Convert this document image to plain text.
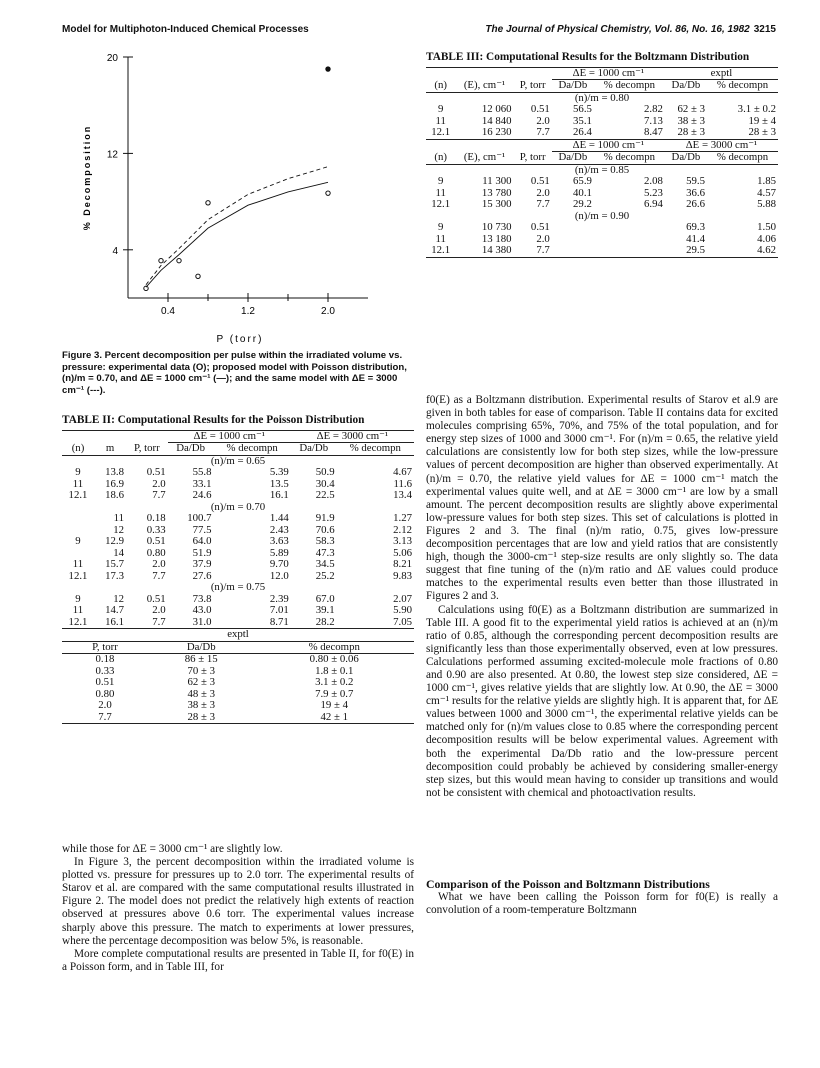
Model for Multiphoton-Induced Chemical Processes	The Journal of Physical Chemistry, Vol. 86, No. 16, 1982 3215
20
12
4
0.4	1.2	2.0
% Decomposition
P (torr)
Figure 3. Percent decomposition per pulse within the irradiated volume vs. pressure: experimental data (O); proposed model with Poisson distribution, (n)/m = 0.70, and ΔE = 1000 cm⁻¹ (—); and the same model with ΔE = 3000 cm⁻¹ (---).
TABLE II: Computational Results for the Poisson Distribution
			ΔE = 1000 cm⁻¹		ΔE = 3000 cm⁻¹	
(n)	m	P, torr	Da/Db	% decompn	Da/Db	% decompn
(n)/m = 0.65						
9	13.8	0.51	55.8	5.39	50.9	4.67
11	16.9	2.0	33.1	13.5	30.4	11.6
12.1	18.6	7.7	24.6	16.1	22.5	13.4
(n)/m = 0.70						
	11	0.18	100.7	1.44	91.9	1.27
	12	0.33	77.5	2.43	70.6	2.12
9	12.9	0.51	64.0	3.63	58.3	3.13
	14	0.80	51.9	5.89	47.3	5.06
11	15.7	2.0	37.9	9.70	34.5	8.21
12.1	17.3	7.7	27.6	12.0	25.2	9.83
(n)/m = 0.75						
9	12	0.51	73.8	2.39	67.0	2.07
11	14.7	2.0	43.0	7.01	39.1	5.90
12.1	16.1	7.7	31.0	8.71	28.2	7.05
exptl		
P, torr	Da/Db	% decompn
0.18	86 ± 15	0.80 ± 0.06
0.33	70 ± 3	1.8 ± 0.1
0.51	62 ± 3	3.1 ± 0.2
0.80	48 ± 3	7.9 ± 0.7
2.0	38 ± 3	19 ± 4
7.7	28 ± 3	42 ± 1

while those for ΔE = 3000 cm⁻¹ are slightly low.

In Figure 3, the percent decomposition within the irradiated volume is plotted vs. pressure for pressures up to 2.0 torr. The experimental results of Starov et al. are compared with the same computational results illustrated in Figure 2. The model does not predict the relatively high extents of reaction observed at pressures above 0.6 torr. The experimental values increase sharply above this pressure. The match to experiments at lower pressures, where the percentage decomposition was below 5%, is reasonable.

More complete computational results are presented in Table II, for f0(E) in a Poisson form, and in Table III, for

TABLE III: Computational Results for the Boltzmann Distribution
			ΔE = 1000 cm⁻¹		exptl	
(n)	(E), cm⁻¹	P, torr	Da/Db	% decompn	Da/Db	% decompn
(n)/m = 0.80						
9	12 060	0.51	56.5	2.82	62 ± 3	3.1 ± 0.2
11	14 840	2.0	35.1	7.13	38 ± 3	19 ± 4
12.1	16 230	7.7	26.4	8.47	28 ± 3	28 ± 3
			ΔE = 1000 cm⁻¹		ΔE = 3000 cm⁻¹	
(n)	(E), cm⁻¹	P, torr	Da/Db	% decompn	Da/Db	% decompn
(n)/m = 0.85						
9	11 300	0.51	65.9	2.08	59.5	1.85
11	13 780	2.0	40.1	5.23	36.6	4.57
12.1	15 300	7.7	29.2	6.94	26.6	5.88
(n)/m = 0.90						
9	10 730	0.51			69.3	1.50
11	13 180	2.0			41.4	4.06
12.1	14 380	7.7			29.5	4.62

f0(E) as a Boltzmann distribution. Experimental results of Starov et al.9 are given in both tables for ease of comparison. Table II contains data for excited molecules comprising 65%, 70%, and 75% of the total population, and for energy step sizes of 1000 and 3000 cm⁻¹. For (n)/m = 0.65, the relative yield calculations are consistently low for both step sizes, while the low-pressure values of percent decomposition are higher than observed experimentally. At (n)/m = 0.70, the relative yield values for ΔE = 1000 cm⁻¹ match the experimental values quite well, and at ΔE = 3000 cm⁻¹ are low by a small amount. The percent decomposition results are slightly above experimental low-pressure values for both step sizes. This set of calculations is plotted in Figures 2 and 3. The final (n)/m ratio, 0.75, gives low-pressure decomposition percentages that are low and yield ratios that are consistently high, though the 3000-cm⁻¹ step-size results are only slightly so. The data suggest that fine tuning of the (n)/m ratio and ΔE values could produce matches to the experimental results even better than those illustrated in Figures 2 and 3.

Calculations using f0(E) as a Boltzmann distribution are summarized in Table III. A good fit to the experimental yield ratios is achieved at an (n)/m ratio of 0.85, although the corresponding percent decomposition results are significantly less than those experimentally observed, even at low pressures. Calculations performed assuming excited-molecule mole fractions of 0.80 and 0.90 are also presented. At 0.80, the lowest step size considered, ΔE = 1000 cm⁻¹, gives relative yields that are slightly low. At 0.90, the ΔE = 3000 cm⁻¹ results for the relative yields are slightly high. It is apparent that, for ΔE values between 1000 and 3000 cm⁻¹, the experimental relative yields can be matched only for (n)/m values close to 0.85 where the corresponding percent decomposition results will be below experimental values. Agreement with both the experimental Da/Db ratio and the low-pressure percent decomposition could probably be achieved by considering smaller-energy step sizes, but this would mean having to consider up transitions and would not be consistent with chemical and photoactivation results.

Comparison of the Poisson and Boltzmann Distributions

What we have been calling the Poisson form for f0(E) is really a convolution of a room-temperature Boltzmann
